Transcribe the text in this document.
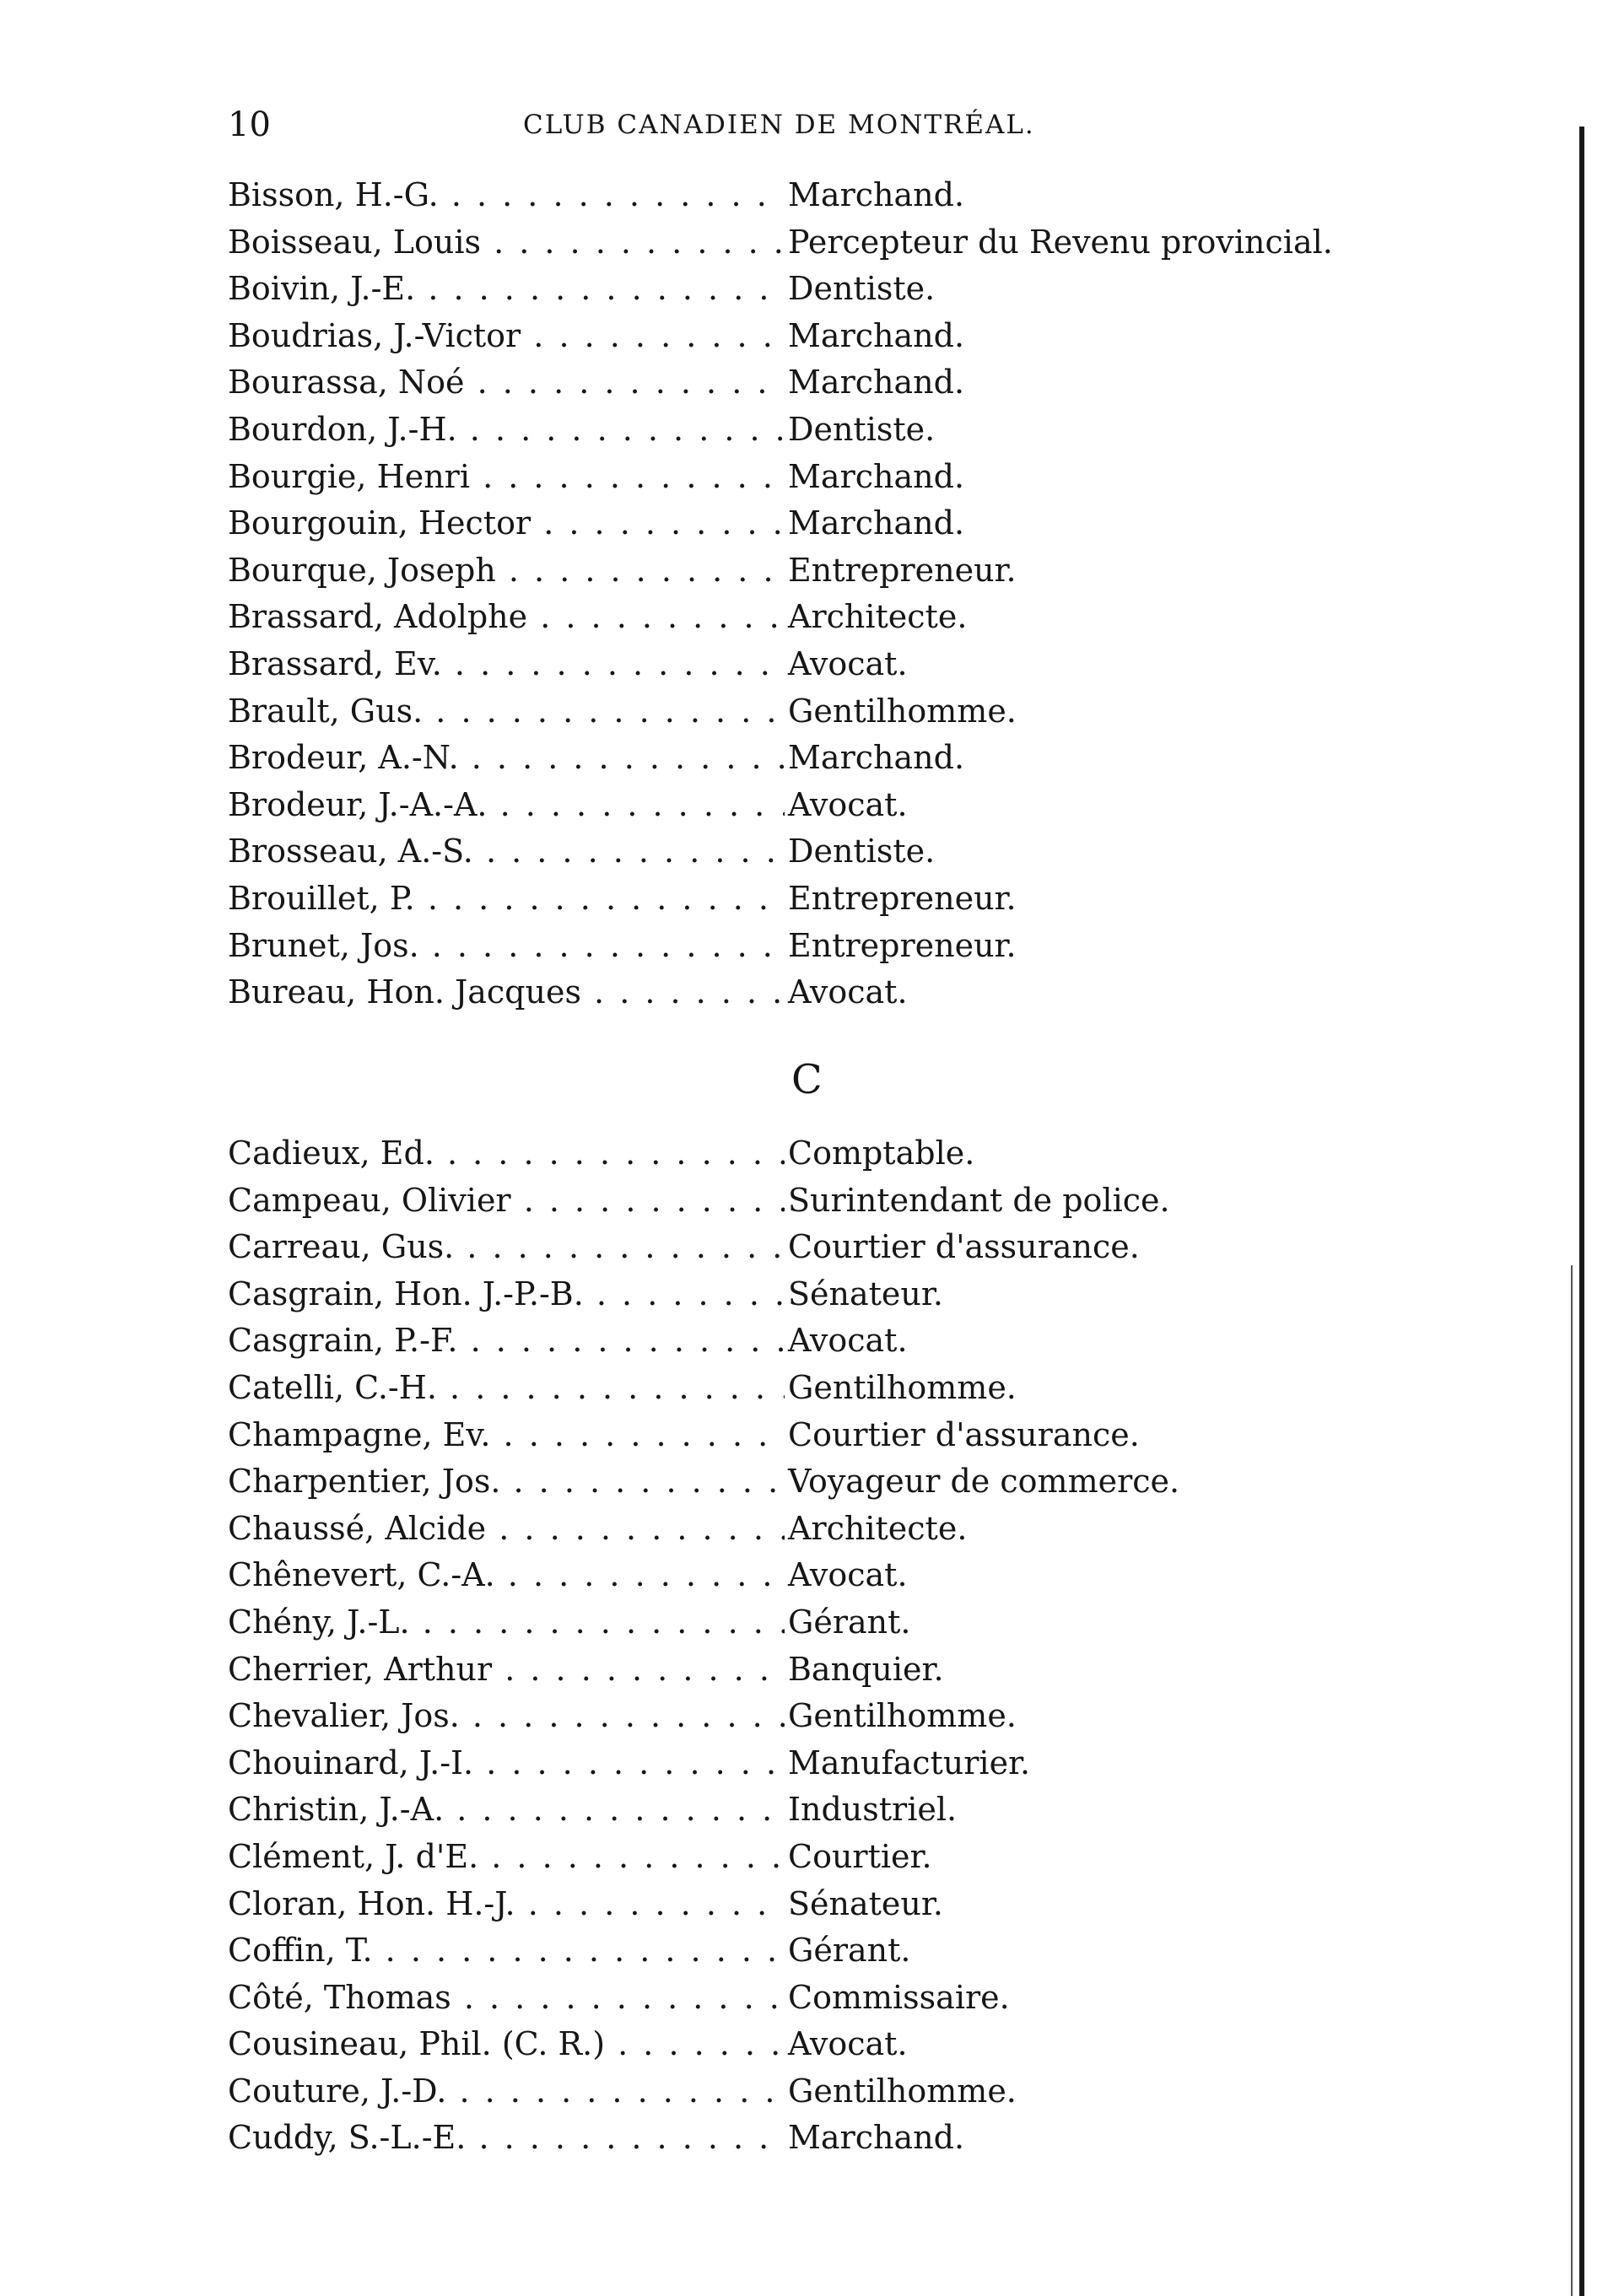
10	CLUB CANADIEN DE MONTRÉAL.
Bisson, H.-G. . . .	Marchand.
Boisseau, Louis . . .	Percepteur du Revenu provincial.
Boivin, J.-E. . . .	Dentiste.
Boudrias, J.-Victor . . .	Marchand.
Bourassa, Noé . . .	Marchand.
Bourdon, J.-H. . . .	Dentiste.
Bourgie, Henri . . .	Marchand.
Bourgouin, Hector . . .	Marchand.
Bourque, Joseph . . .	Entrepreneur.
Brassard, Adolphe . . .	Architecte.
Brassard, Ev. . . .	Avocat.
Brault, Gus. . . .	Gentilhomme.
Brodeur, A.-N. . . .	Marchand.
Brodeur, J.-A.-A. . . .	Avocat.
Brosseau, A.-S. . . .	Dentiste.
Brouillet, P. . . .	Entrepreneur.
Brunet, Jos. . . .	Entrepreneur.
Bureau, Hon. Jacques . . .	Avocat.
C
Cadieux, Ed. . . .	Comptable.
Campeau, Olivier . . .	Surintendant de police.
Carreau, Gus. . . .	Courtier d'assurance.
Casgrain, Hon. J.-P.-B. . . .	Sénateur.
Casgrain, P.-F. . . .	Avocat.
Catelli, C.-H. . . .	Gentilhomme.
Champagne, Ev. . . .	Courtier d'assurance.
Charpentier, Jos. . . .	Voyageur de commerce.
Chaussé, Alcide . . .	Architecte.
Chênevert, C.-A. . . .	Avocat.
Chény, J.-L. . . .	Gérant.
Cherrier, Arthur . . .	Banquier.
Chevalier, Jos. . . .	Gentilhomme.
Chouinard, J.-I. . . .	Manufacturier.
Christin, J.-A. . . .	Industriel.
Clément, J. d'E. . . .	Courtier.
Cloran, Hon. H.-J. . . .	Sénateur.
Coffin, T. . . .	Gérant.
Côté, Thomas . . .	Commissaire.
Cousineau, Phil. (C. R.) . . .	Avocat.
Couture, J.-D. . . .	Gentilhomme.
Cuddy, S.-L.-E. . . .	Marchand.
